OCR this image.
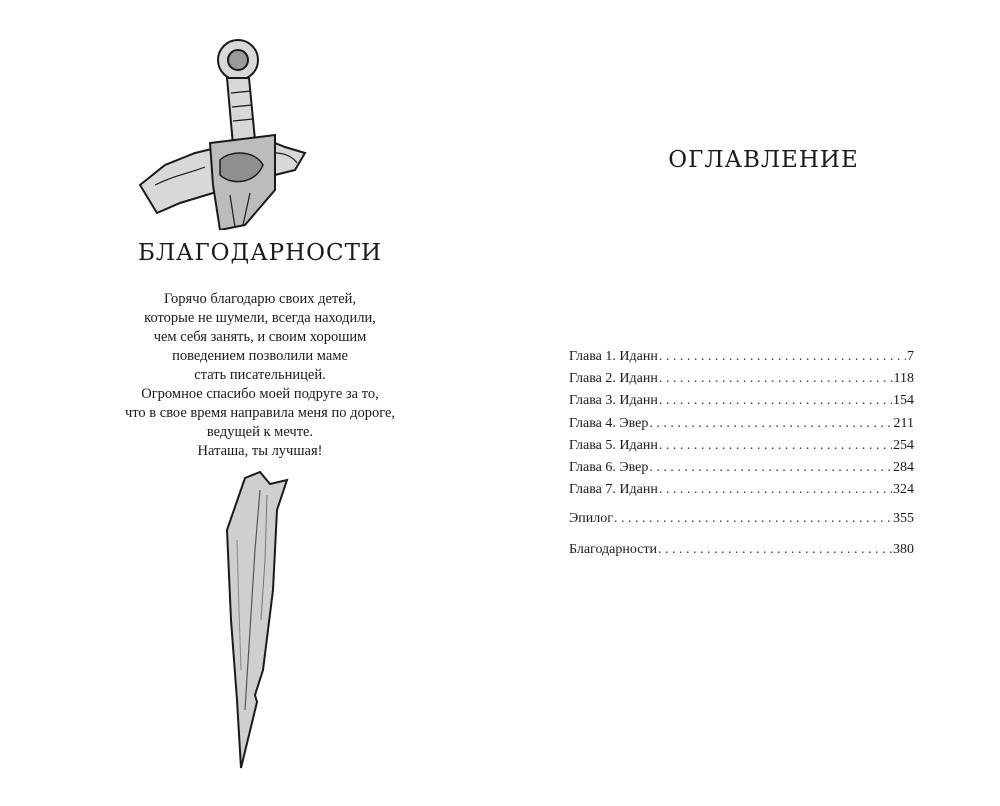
БЛАГОДАРНОСТИ
Горячо благодарю своих детей,
которые не шумели, всегда находили,
чем себя занять, и своим хорошим
поведением позволили маме
стать писательницей.
Огромное спасибо моей подруге за то,
что в свое время направила меня по дороге,
ведущей к мечте.
Наташа, ты лучшая!
ОГЛАВЛЕНИЕ
Глава 1. Иданн . . .	7
Глава 2. Иданн . . .	118
Глава 3. Иданн . . .	154
Глава 4. Эвер . . .	211
Глава 5. Иданн . . .	254
Глава 6. Эвер . . .	284
Глава 7. Иданн . . .	324
Эпилог . . .	355
Благодарности . . .	380
